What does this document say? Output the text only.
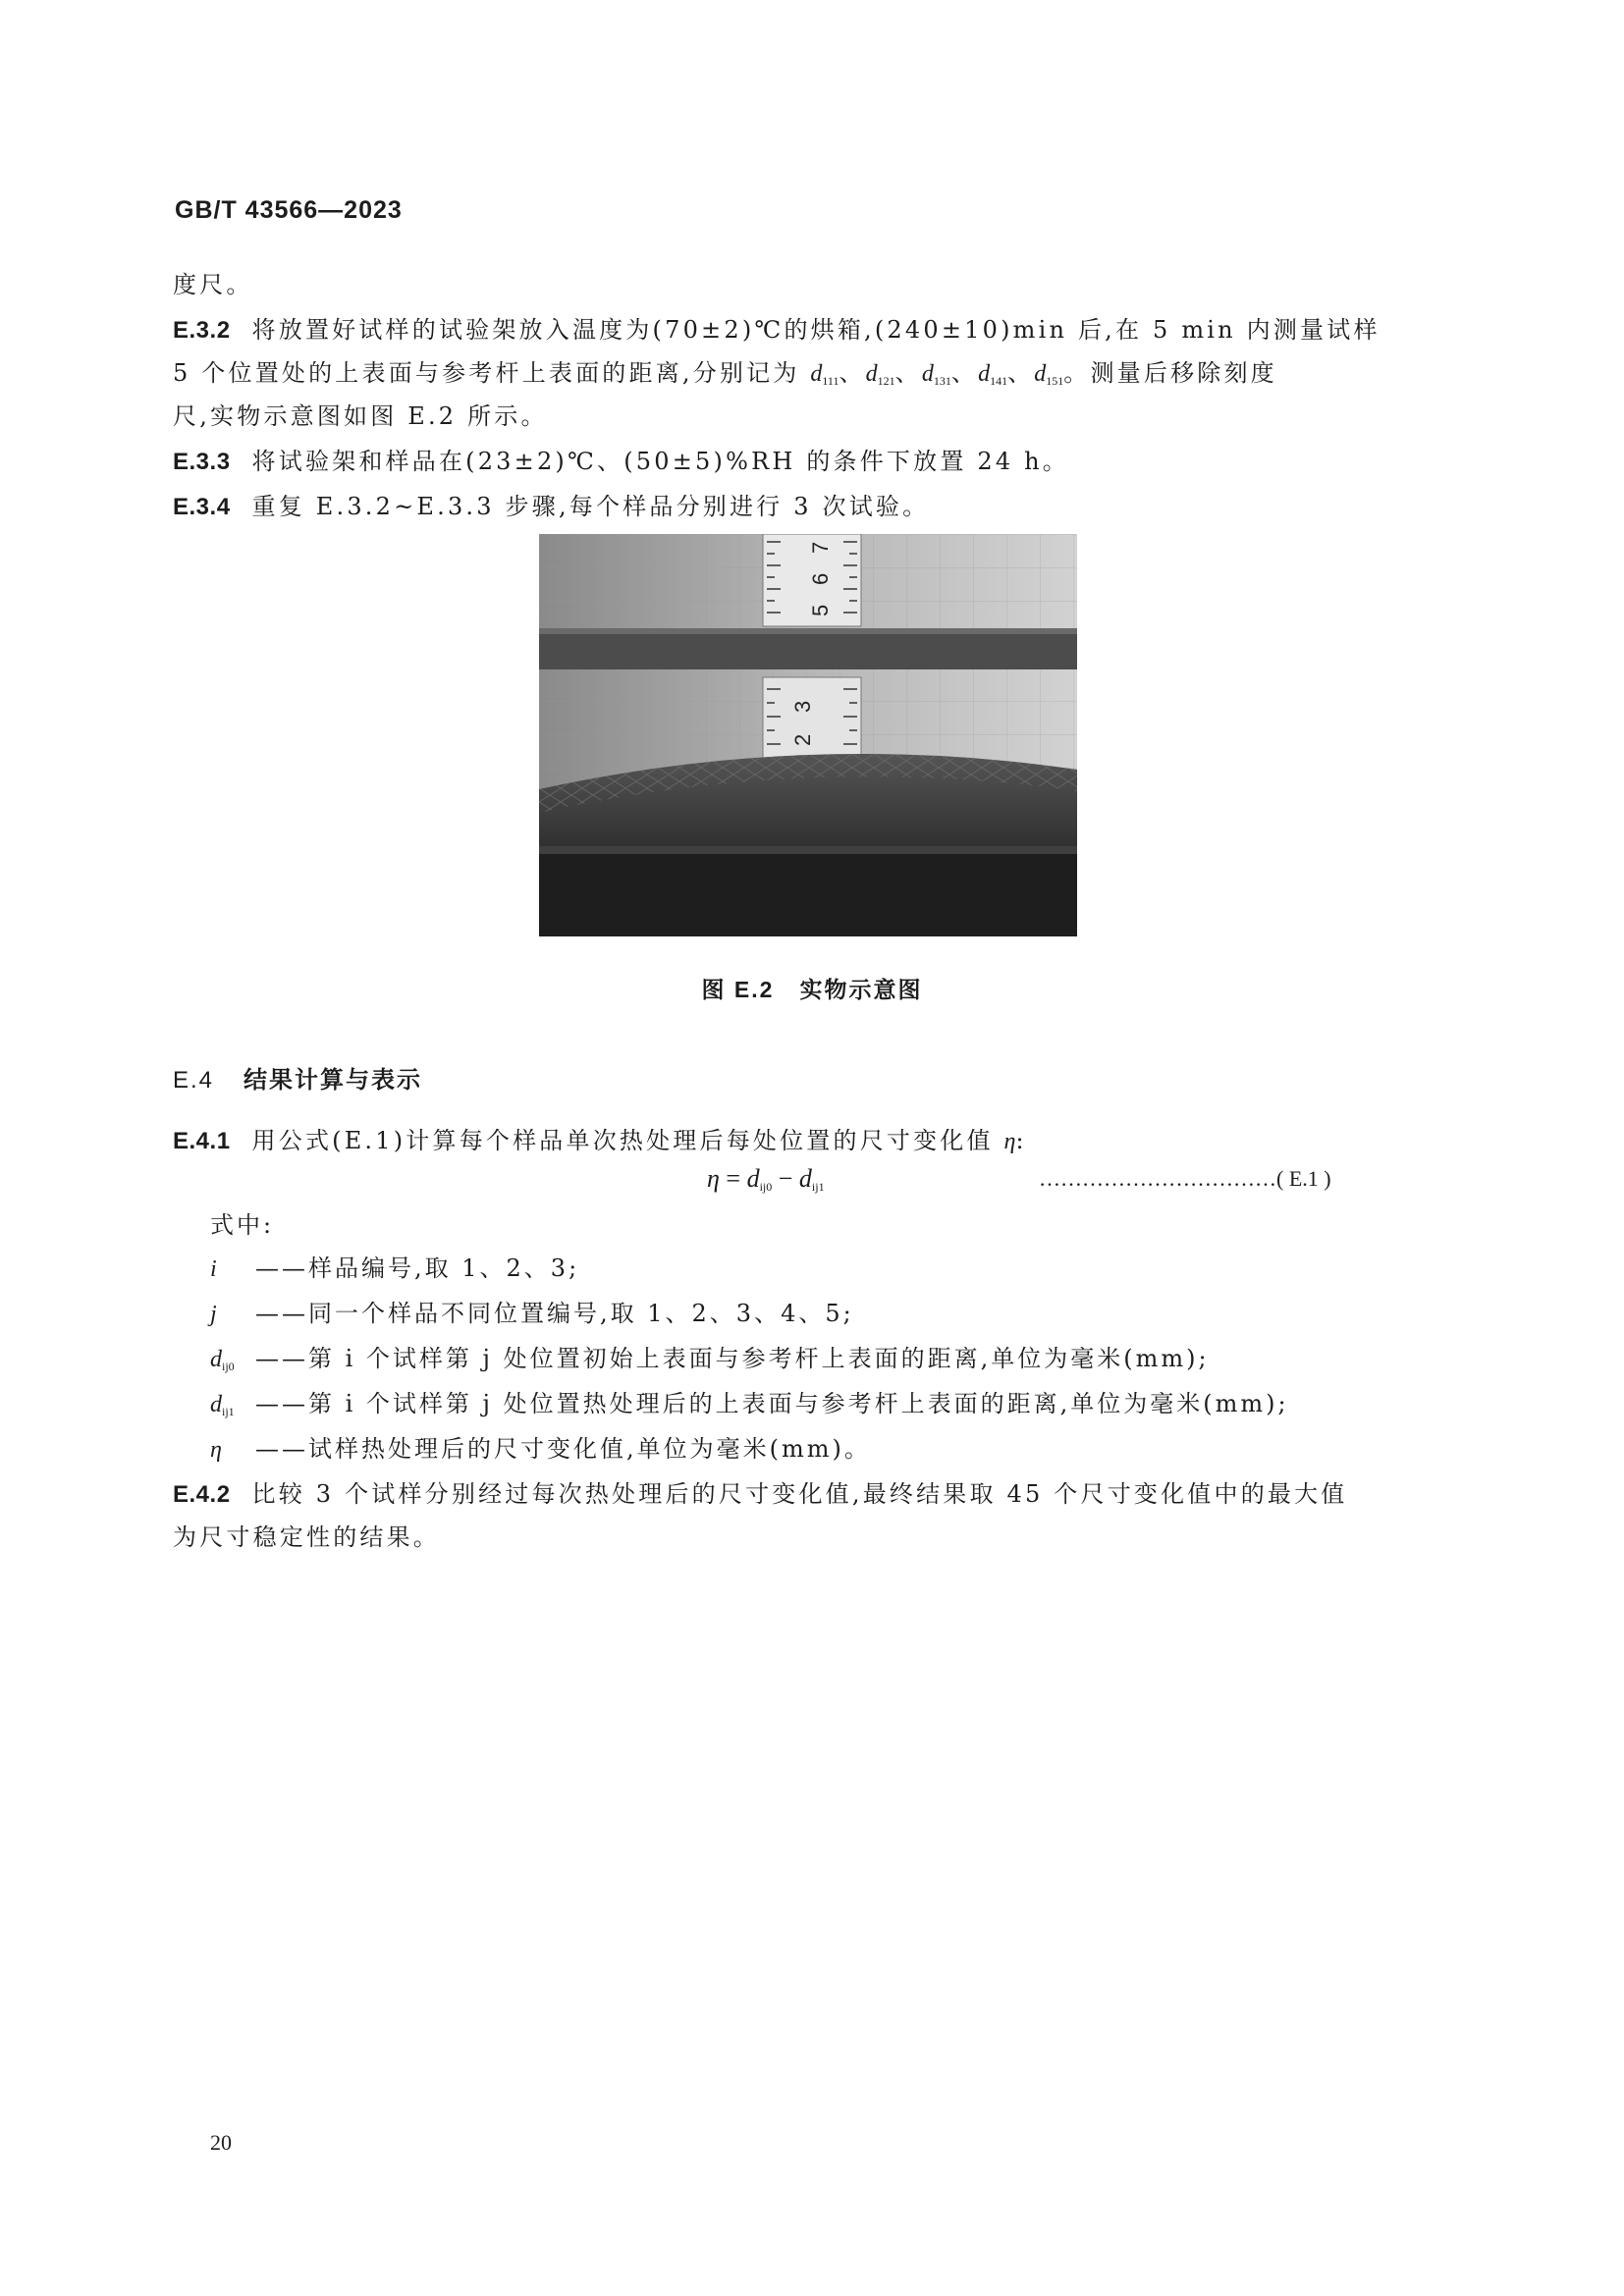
GB/T 43566—2023
度尺。
E.3.2 将放置好试样的试验架放入温度为(70±2)℃的烘箱,(240±10)min 后,在 5 min 内测量试样
5 个位置处的上表面与参考杆上表面的距离,分别记为 $d_{111}$、$d_{121}$、$d_{131}$、$d_{141}$、$d_{151}$。测量后移除刻度
尺,实物示意图如图 E.2 所示。
E.3.3 将试验架和样品在(23±2)℃、(50±5)%RH 的条件下放置 24 h。
E.3.4 重复 E.3.2~E.3.3 步骤,每个样品分别进行 3 次试验。
5
6
7
2
3
图 E.2 实物示意图
E.4 结果计算与表示
E.4.1 用公式(E.1)计算每个样品单次热处理后每处位置的尺寸变化值 η:
$\eta = d_{ij0} - d_{ij1}$	……………………………( E.1 )
式中:
i ——样品编号,取 1、2、3;
j ——同一个样品不同位置编号,取 1、2、3、4、5;
$d_{ij0}$ ——第 i 个试样第 j 处位置初始上表面与参考杆上表面的距离,单位为毫米(mm);
$d_{ij1}$ ——第 i 个试样第 j 处位置热处理后的上表面与参考杆上表面的距离,单位为毫米(mm);
η ——试样热处理后的尺寸变化值,单位为毫米(mm)。
E.4.2 比较 3 个试样分别经过每次热处理后的尺寸变化值,最终结果取 45 个尺寸变化值中的最大值
为尺寸稳定性的结果。
20
